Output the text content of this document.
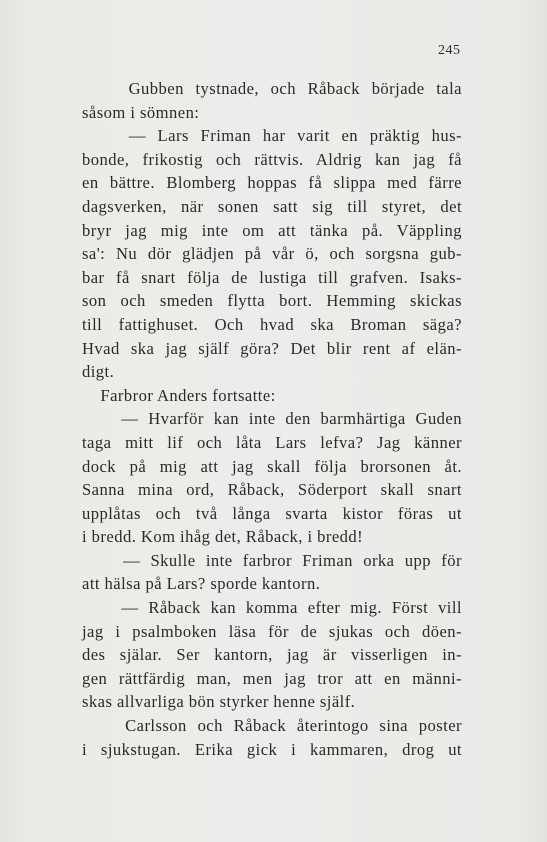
245
Gubben tystnade, och Råback började tala
såsom i sömnen:
— Lars Friman har varit en präktig hus-
bonde, frikostig och rättvis. Aldrig kan jag få
en bättre. Blomberg hoppas få slippa med färre
dagsverken, när sonen satt sig till styret, det
bryr jag mig inte om att tänka på. Väppling
sa': Nu dör glädjen på vår ö, och sorgsna gub-
bar få snart följa de lustiga till grafven. Isaks-
son och smeden flytta bort. Hemming skickas
till fattighuset. Och hvad ska Broman säga?
Hvad ska jag själf göra? Det blir rent af elän-
digt.
Farbror Anders fortsatte:
— Hvarför kan inte den barmhärtiga Guden
taga mitt lif och låta Lars lefva? Jag känner
dock på mig att jag skall följa brorsonen åt.
Sanna mina ord, Råback, Söderport skall snart
upplåtas och två långa svarta kistor föras ut
i bredd. Kom ihåg det, Råback, i bredd!
— Skulle inte farbror Friman orka upp för
att hälsa på Lars? sporde kantorn.
— Råback kan komma efter mig. Först vill
jag i psalmboken läsa för de sjukas och döen-
des själar. Ser kantorn, jag är visserligen in-
gen rättfärdig man, men jag tror att en männi-
skas allvarliga bön styrker henne själf.
Carlsson och Råback återintogo sina poster
i sjukstugan. Erika gick i kammaren, drog ut
